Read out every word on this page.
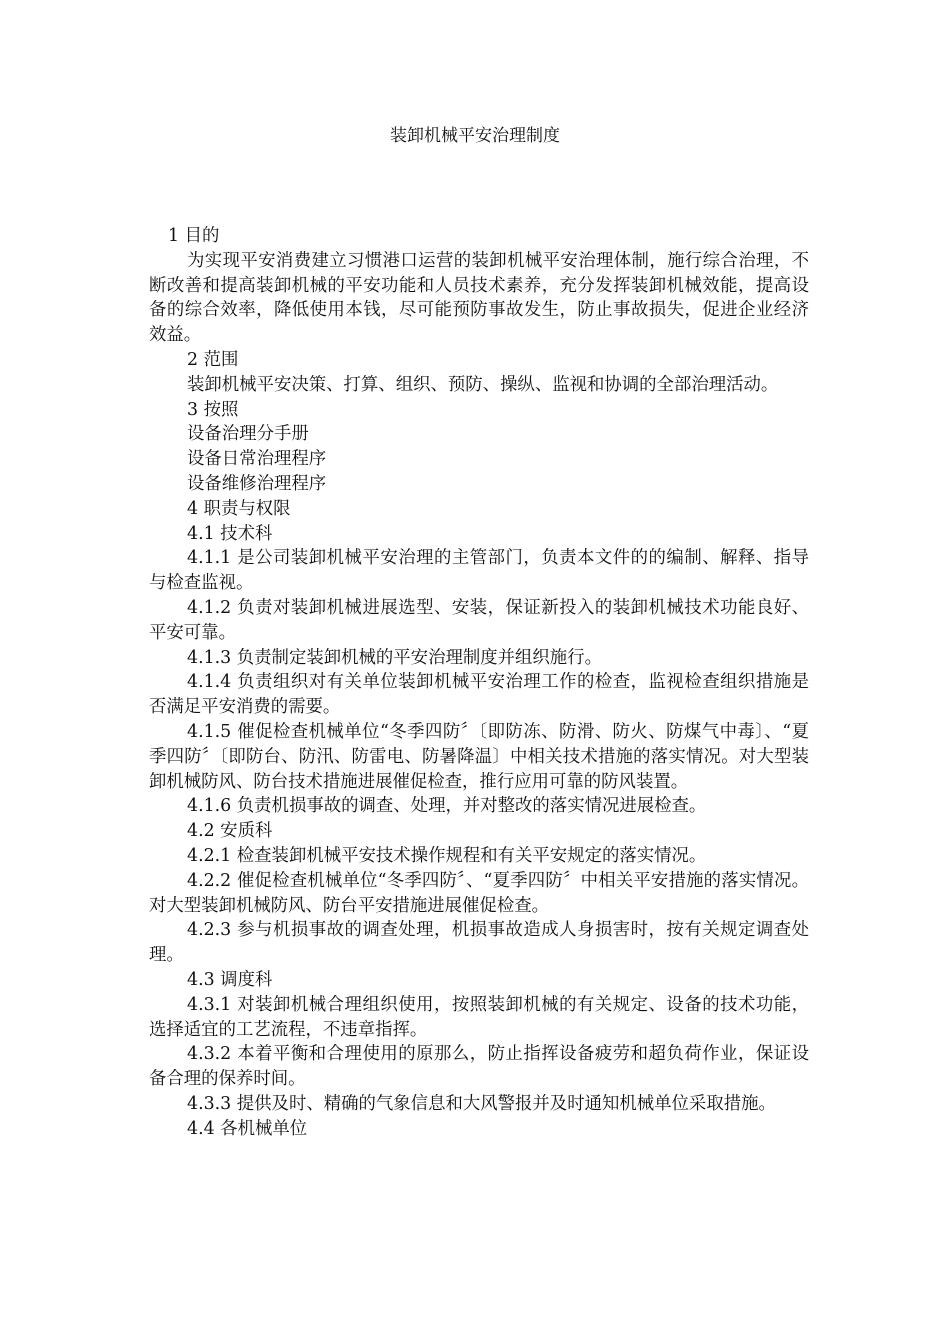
装卸机械平安治理制度

1 目的

为实现平安消费建立习惯港口运营的装卸机械平安治理体制，施行综合治理，不断改善和提高装卸机械的平安功能和人员技术素养，充分发挥装卸机械效能，提高设备的综合效率，降低使用本钱，尽可能预防事故发生，防止事故损失，促进企业经济效益。

2 范围

装卸机械平安决策、打算、组织、预防、操纵、监视和协调的全部治理活动。

3 按照

设备治理分手册

设备日常治理程序

设备维修治理程序

4 职责与权限

4.1 技术科

4.1.1 是公司装卸机械平安治理的主管部门，负责本文件的的编制、解释、指导与检查监视。

4.1.2 负责对装卸机械进展选型、安装，保证新投入的装卸机械技术功能良好、平安可靠。

4.1.3 负责制定装卸机械的平安治理制度并组织施行。

4.1.4 负责组织对有关单位装卸机械平安治理工作的检查，监视检查组织措施是否满足平安消费的需要。

4.1.5 催促检查机械单位“冬季四防〞〔即防冻、防滑、防火、防煤气中毒〕、“夏季四防〞〔即防台、防汛、防雷电、防暑降温〕中相关技术措施的落实情况。对大型装卸机械防风、防台技术措施进展催促检查，推行应用可靠的防风装置。

4.1.6 负责机损事故的调查、处理，并对整改的落实情况进展检查。

4.2 安质科

4.2.1 检查装卸机械平安技术操作规程和有关平安规定的落实情况。

4.2.2 催促检查机械单位“冬季四防〞、“夏季四防〞中相关平安措施的落实情况。对大型装卸机械防风、防台平安措施进展催促检查。

4.2.3 参与机损事故的调查处理，机损事故造成人身损害时，按有关规定调查处理。

4.3 调度科

4.3.1 对装卸机械合理组织使用，按照装卸机械的有关规定、设备的技术功能，选择适宜的工艺流程，不违章指挥。

4.3.2 本着平衡和合理使用的原那么，防止指挥设备疲劳和超负荷作业，保证设备合理的保养时间。

4.3.3 提供及时、精确的气象信息和大风警报并及时通知机械单位采取措施。

4.4 各机械单位
